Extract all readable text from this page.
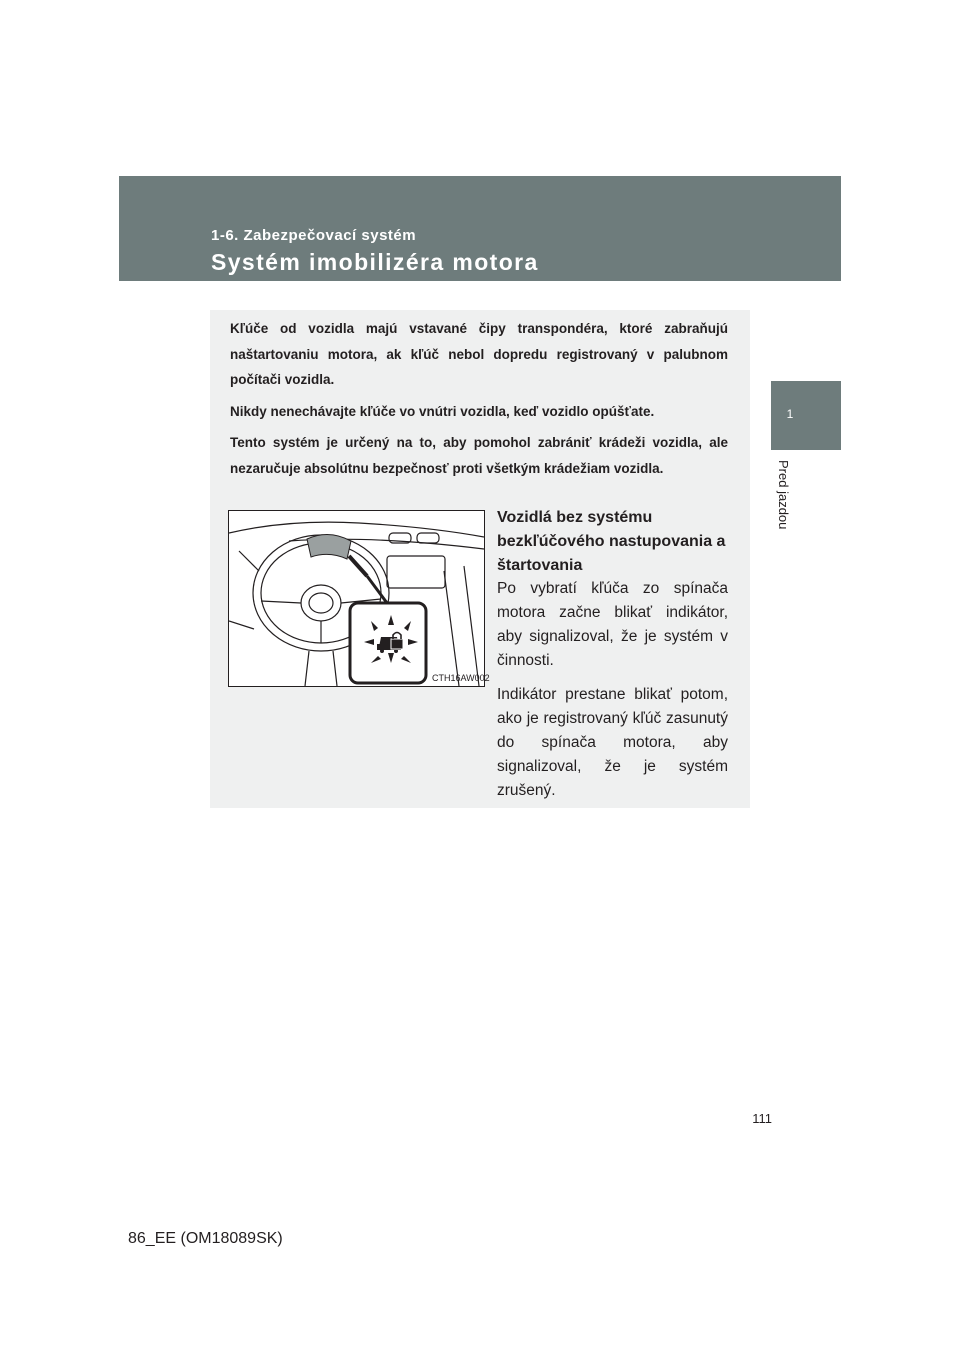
1-6. Zabezpečovací systém
Systém imobilizéra motora
1
Pred jazdou

Kľúče od vozidla majú vstavané čipy transpondéra, ktoré zabraňujú naštartovaniu motora, ak kľúč nebol dopredu registrovaný v palubnom počítači vozidla.

Nikdy nenechávajte kľúče vo vnútri vozidla, keď vozidlo opúšťate.

Tento systém je určený na to, aby pomohol zabrániť krádeži vozidla, ale nezaručuje absolútnu bezpečnosť proti všetkým krádežiam vozidla.

CTH16AW002
Vozidlá bez systému bezkľúčového nastupovania a štartovania

Po vybratí kľúča zo spínača motora začne blikať indikátor, aby signalizoval, že je systém v činnosti.

Indikátor prestane blikať potom, ako je registrovaný kľúč zasunutý do spínača motora, aby signalizoval, že je systém zrušený.

111
86_EE (OM18089SK)
